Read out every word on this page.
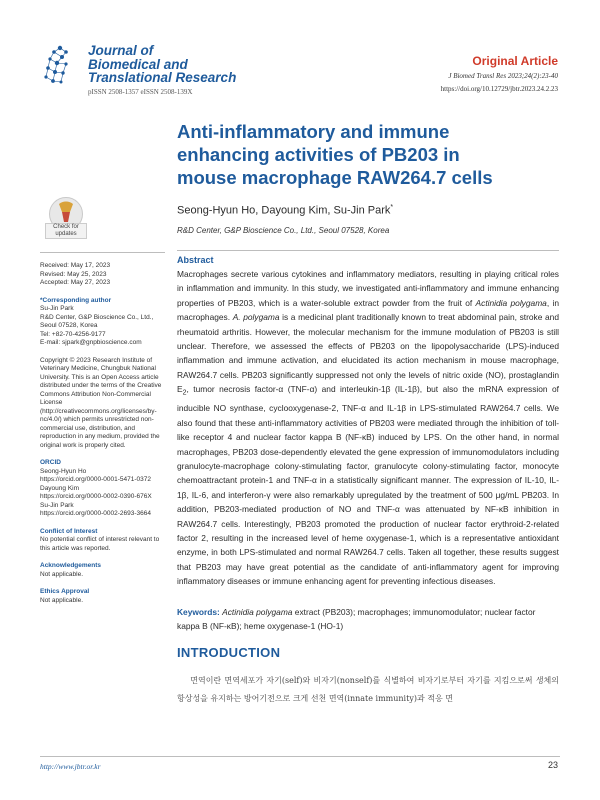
Journal of
Biomedical and
Translational Research
pISSN 2508-1357 eISSN 2508-139X
Original Article
J Biomed Transl Res 2023;24(2):23-40
https://doi.org/10.12729/jbtr.2023.24.2.23
Anti-inflammatory and immune enhancing activities of PB203 in mouse macrophage RAW264.7 cells
Seong-Hyun Ho, Dayoung Kim, Su-Jin Park*
R&D Center, G&P Bioscience Co., Ltd., Seoul 07528, Korea
Check for
updates

Received: May 17, 2023

Revised: May 25, 2023

Accepted: May 27, 2023

*Corresponding author

Su-Jin Park

R&D Center, G&P Bioscience Co., Ltd.,

Seoul 07528, Korea

Tel: +82-70-4256-9177

E-mail: sjpark@gnpbioscience.com

Copyright © 2023 Research Institute of Veterinary Medicine, Chungbuk National University. This is an Open Access article distributed under the terms of the Creative Commons Attribution Non-Commercial License (http://creativecommons.org/licenses/by-nc/4.0/) which permits unrestricted non-commercial use, distribution, and reproduction in any medium, provided the original work is properly cited.

ORCID

Seong-Hyun Ho

https://orcid.org/0000-0001-5471-0372

Dayoung Kim

https://orcid.org/0000-0002-0390-676X

Su-Jin Park

https://orcid.org/0000-0002-2693-3664

Conflict of Interest

No potential conflict of interest relevant to this article was reported.

Acknowledgements

Not applicable.

Ethics Approval

Not applicable.

Abstract

Macrophages secrete various cytokines and inflammatory mediators, resulting in playing critical roles in inflammation and immunity. In this study, we investigated anti-inflammatory and immune enhancing properties of PB203, which is a water-soluble extract powder from the fruit of Actinidia polygama, in macrophages. A. polygama is a medicinal plant traditionally known to treat abdominal pain, stroke and rheumatoid arthritis. However, the molecular mechanism for the immune modulation of PB203 is still unclear. Therefore, we assessed the effects of PB203 on the lipopolysaccharide (LPS)-induced inflammation and immune activation, and elucidated its action mechanism in mouse macrophage, RAW264.7 cells. PB203 significantly suppressed not only the levels of nitric oxide (NO), prostaglandin $E_2$, tumor necrosis factor-α (TNF-α) and interleukin-1β (IL-1β), but also the mRNA expression of inducible NO synthase, cyclooxygenase-2, TNF-α and IL-1β in LPS-stimulated RAW264.7 cells. We also found that these anti-inflammatory activities of PB203 were mediated through the inhibition of toll-like receptor 4 and nuclear factor kappa B (NF-κB) induced by LPS. On the other hand, in normal macrophages, PB203 dose-dependently elevated the gene expression of immunomodulators including granulocyte-macrophage colony-stimulating factor, granulocyte colony-stimulating factor, monocyte chemoattractant protein-1 and TNF-α in a statistically significant manner. The expression of IL-10, IL-1β, IL-6, and interferon-γ were also remarkably upregulated by the treatment of 500 μg/mL PB203. In addition, PB203-mediated production of NO and TNF-α was attenuated by NF-κB inhibition in RAW264.7 cells. Interestingly, PB203 promoted the production of nuclear factor erythroid-2-related factor 2, resulting in the increased level of heme oxygenase-1, which is a representative antioxidant enzyme, in both LPS-stimulated and normal RAW264.7 cells. Taken all together, these results suggest that PB203 may have great potential as the candidate of anti-inflammatory agent for improving inflammatory diseases or immune enhancing agent for preventing infectious diseases.

Keywords: Actinidia polygama extract (PB203); macrophages; immunomodulator; nuclear factor kappa B (NF-κB); heme oxygenase-1 (HO-1)

INTRODUCTION

면역이란 면역세포가 자기(self)와 비자기(nonself)를 식별하여 비자기로부터 자기를 지킴으로써 생체의 항상성을 유지하는 방어기전으로 크게 선천 면역(innate immunity)과 적응 면

http://www.jbtr.or.kr	23
